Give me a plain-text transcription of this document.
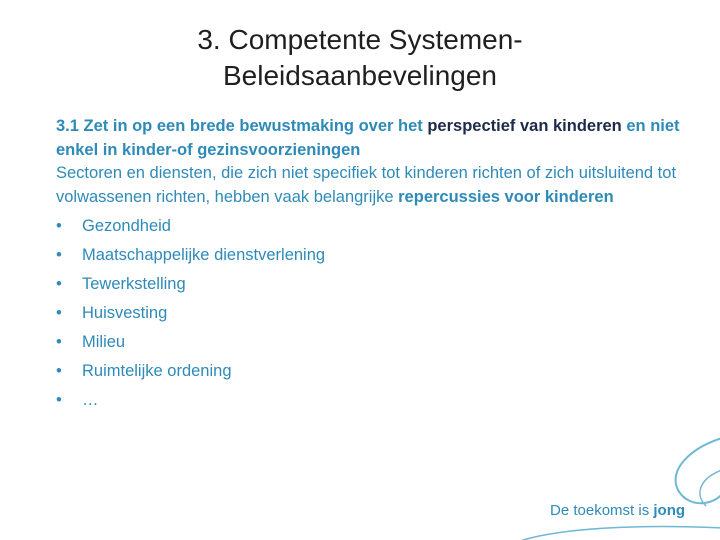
3. Competente Systemen-
Beleidsaanbevelingen
3.1 Zet in op een brede bewustmaking over het perspectief van kinderen en niet enkel in kinder-of gezinsvoorzieningen
Sectoren en diensten, die zich niet specifiek tot kinderen richten of zich uitsluitend tot volwassenen richten, hebben vaak belangrijke repercussies voor kinderen
•	Gezondheid
•	Maatschappelijke dienstverlening
•	Tewerkstelling
•	Huisvesting
•	Milieu
•	Ruimtelijke ordening
•	…
De toekomst is jong
